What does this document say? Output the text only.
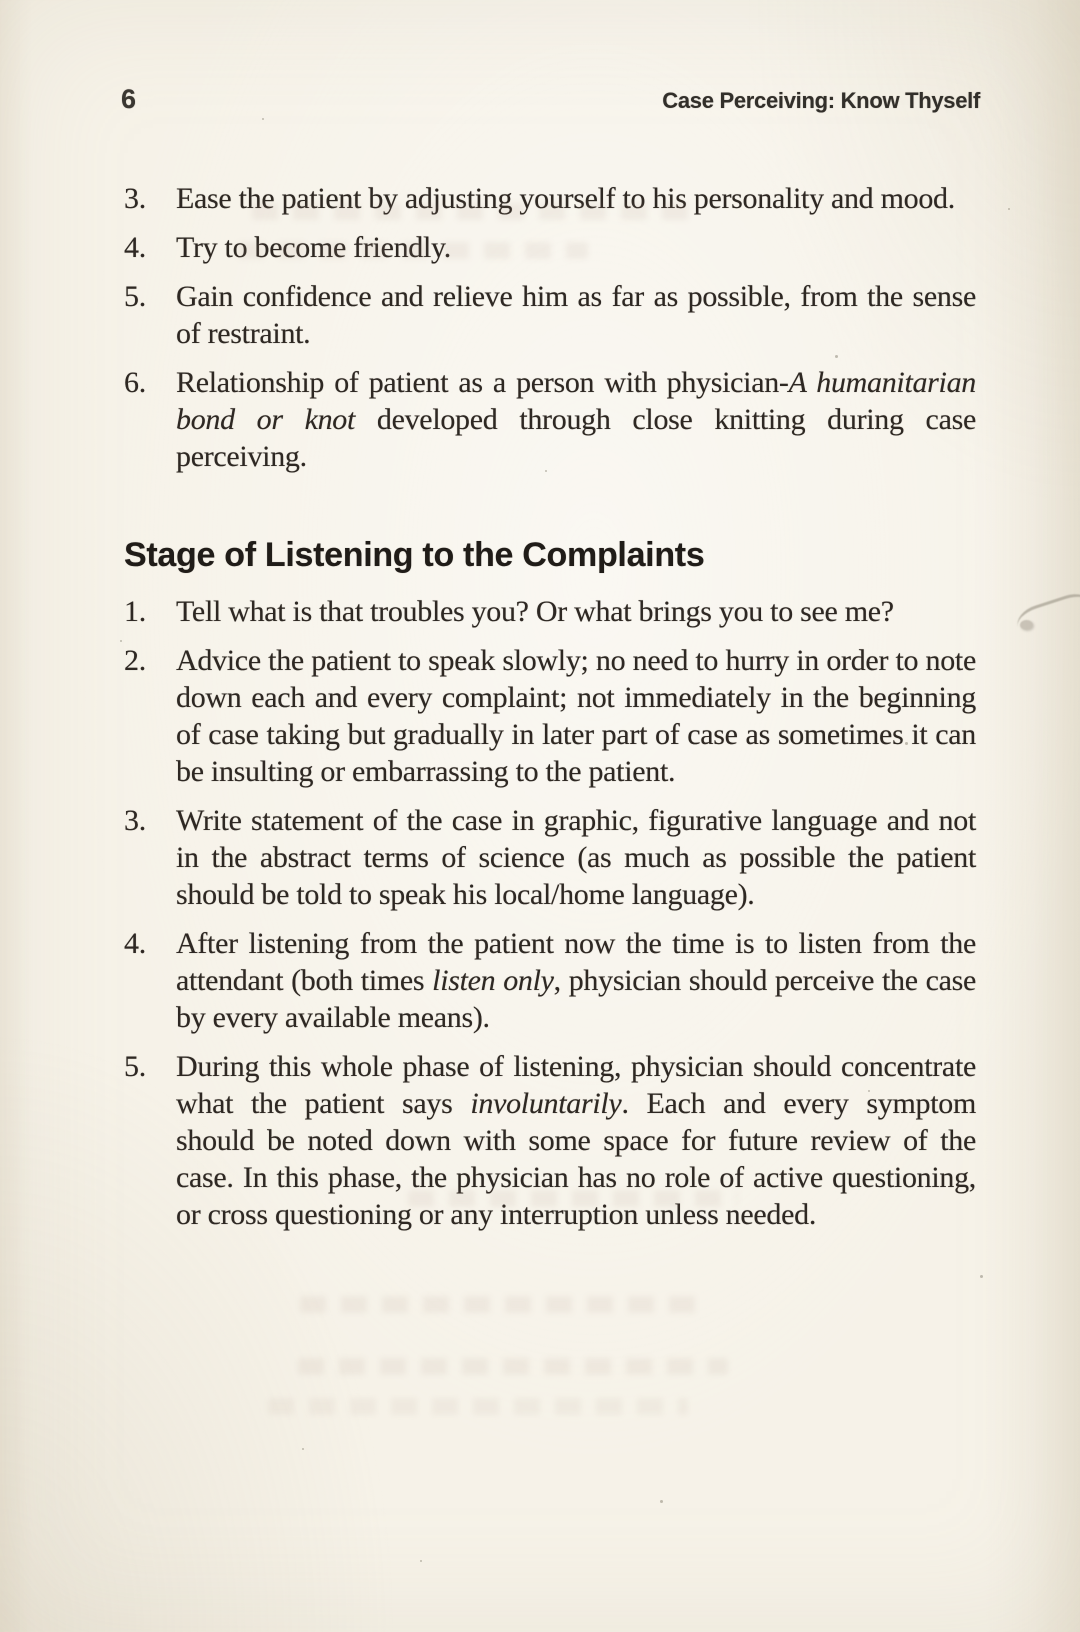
6	Case Perceiving: Know Thyself
3.	Ease the patient by adjusting yourself to his personality and mood.

4.	Try to become friendly.

5.	Gain confidence and relieve him as far as possible, from the sense of restraint.

6.	Relationship of patient as a person with physician-A humanitarian bond or knot developed through close knitting during case perceiving.

Stage of Listening to the Complaints
1.	Tell what is that troubles you? Or what brings you to see me?

2.	Advice the patient to speak slowly; no need to hurry in order to note down each and every complaint; not immediately in the beginning of case taking but gradually in later part of case as sometimes it can be insulting or embarrassing to the patient.

3.	Write statement of the case in graphic, figurative language and not in the abstract terms of science (as much as possible the patient should be told to speak his local/home language).

4.	After listening from the patient now the time is to listen from the attendant (both times listen only, physician should perceive the case by every available means).

5.	During this whole phase of listening, physician should concentrate what the patient says involuntarily. Each and every symptom should be noted down with some space for future review of the case. In this phase, the physician has no role of active questioning, or cross questioning or any interruption unless needed.
